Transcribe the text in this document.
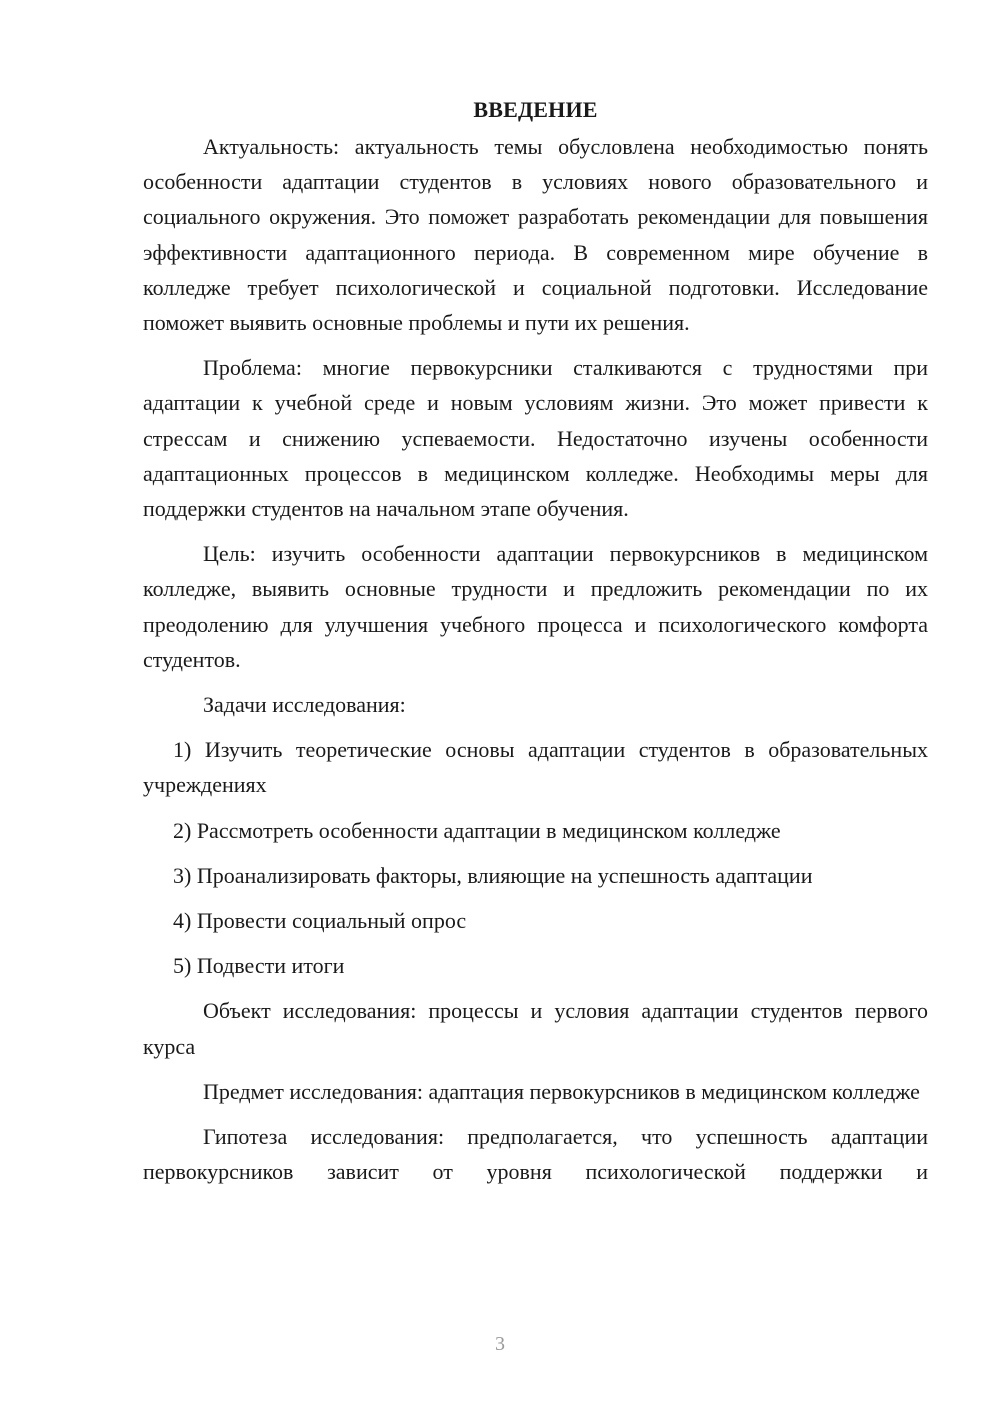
ВВЕДЕНИЕ

Актуальность: актуальность темы обусловлена необходимостью понять особенности адаптации студентов в условиях нового образовательного и социального окружения. Это поможет разработать рекомендации для повышения эффективности адаптационного периода. В современном мире обучение в колледже требует психологической и социальной подготовки. Исследование поможет выявить основные проблемы и пути их решения.

Проблема: многие первокурсники сталкиваются с трудностями при адаптации к учебной среде и новым условиям жизни. Это может привести к стрессам и снижению успеваемости. Недостаточно изучены особенности адаптационных процессов в медицинском колледже. Необходимы меры для поддержки студентов на начальном этапе обучения.

Цель: изучить особенности адаптации первокурсников в медицинском колледже, выявить основные трудности и предложить рекомендации по их преодолению для улучшения учебного процесса и психологического комфорта студентов.

Задачи исследования:

1) Изучить теоретические основы адаптации студентов в образовательных учреждениях

2) Рассмотреть особенности адаптации в медицинском колледже

3) Проанализировать факторы, влияющие на успешность адаптации

4) Провести социальный опрос

5) Подвести итоги

Объект исследования: процессы и условия адаптации студентов первого курса

Предмет исследования: адаптация первокурсников в медицинском колледже

Гипотеза исследования: предполагается, что успешность адаптации первокурсников зависит от уровня психологической поддержки и

3
